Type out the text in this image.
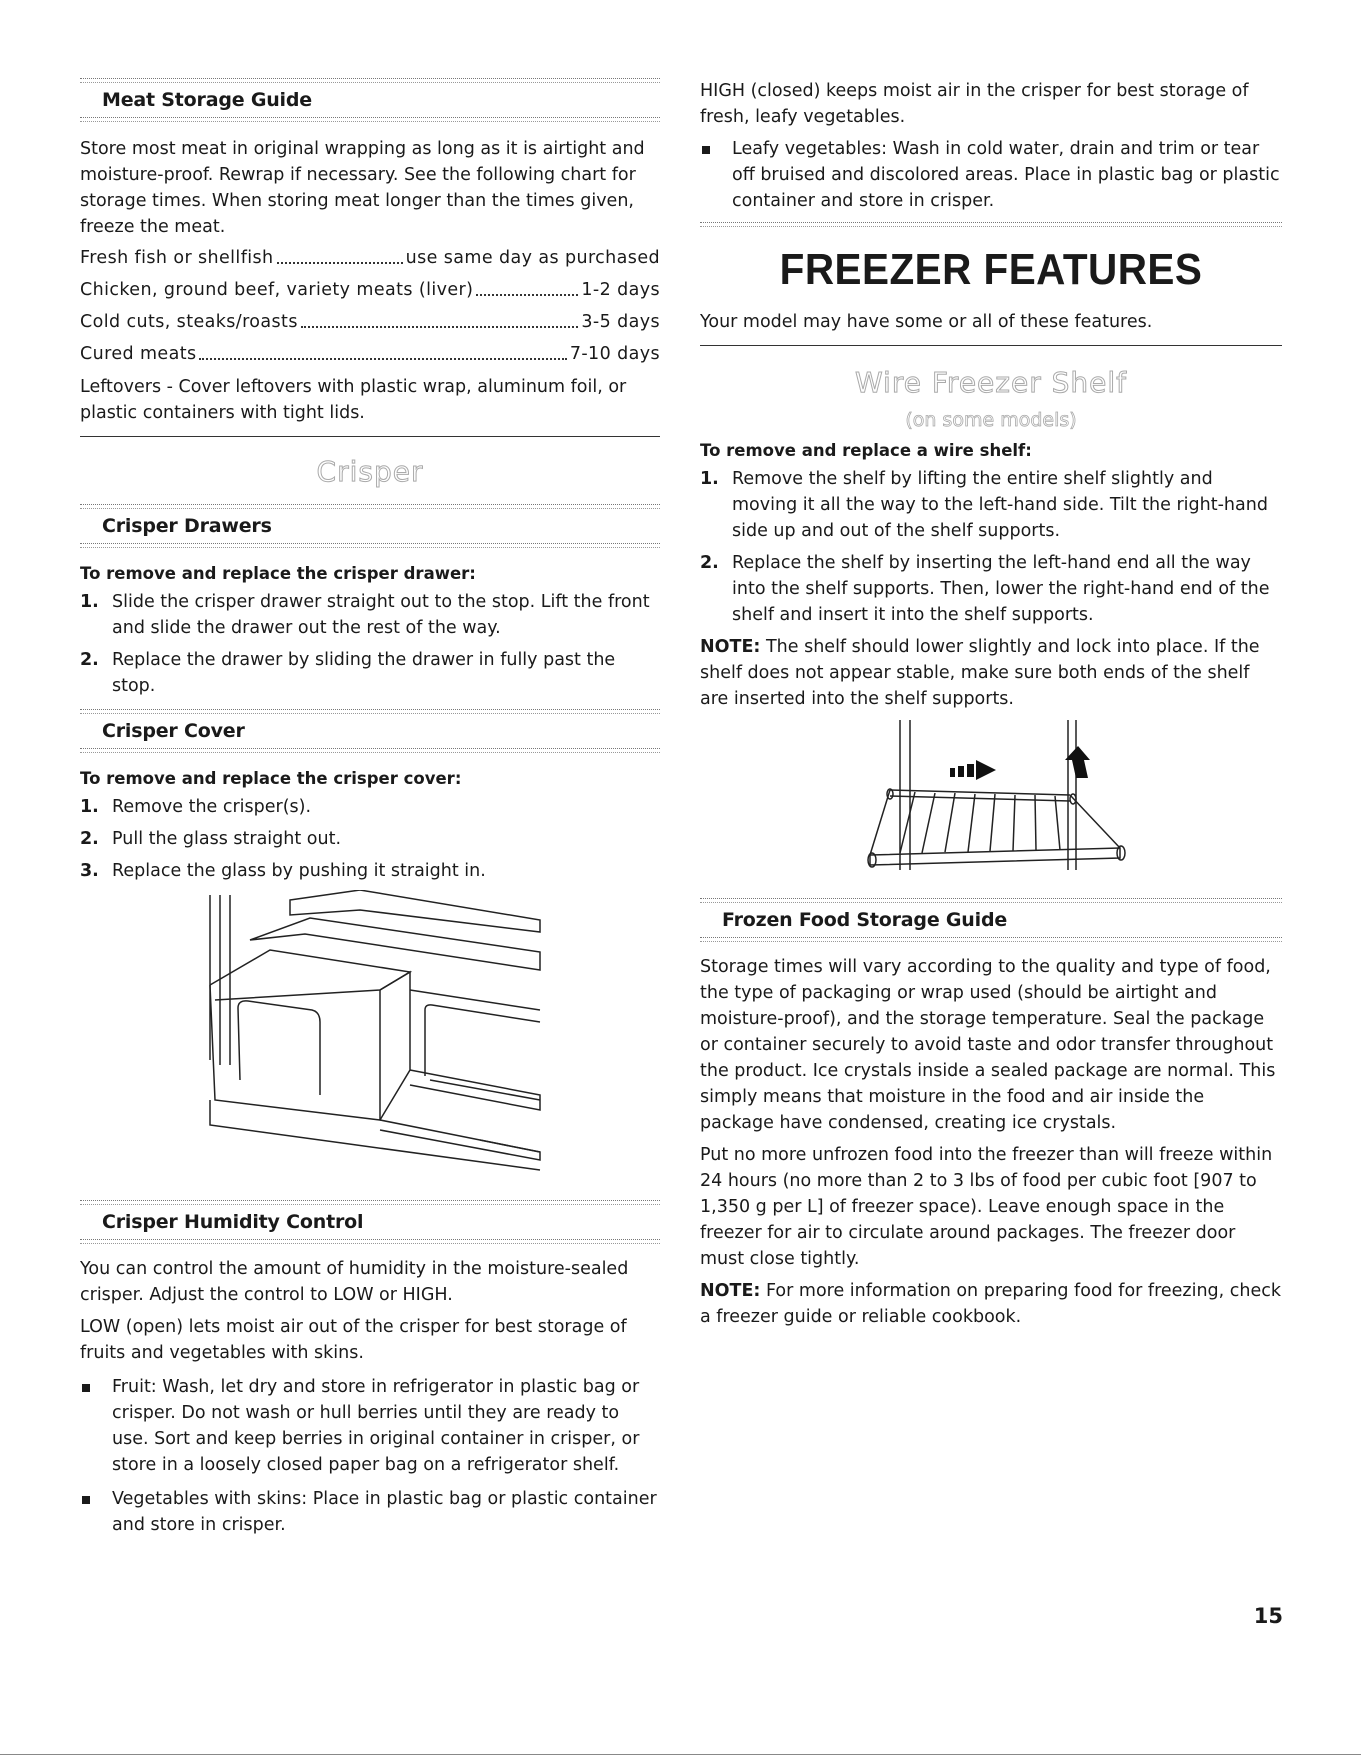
Meat Storage Guide

Store most meat in original wrapping as long as it is airtight and moisture-proof. Rewrap if necessary. See the following chart for storage times. When storing meat longer than the times given, freeze the meat.

Fresh fish or shellfish	use same day as purchased
Chicken, ground beef, variety meats (liver)	1-2 days
Cold cuts, steaks/roasts	3-5 days
Cured meats	7-10 days

Leftovers - Cover leftovers with plastic wrap, aluminum foil, or plastic containers with tight lids.

Crisper
Crisper Drawers
To remove and replace the crisper drawer:
1. Slide the crisper drawer straight out to the stop. Lift the front and slide the drawer out the rest of the way.
2. Replace the drawer by sliding the drawer in fully past the stop.
Crisper Cover
To remove and replace the crisper cover:
1. Remove the crisper(s).
2. Pull the glass straight out.
3. Replace the glass by pushing it straight in.
Crisper Humidity Control

You can control the amount of humidity in the moisture-sealed crisper. Adjust the control to LOW or HIGH.

LOW (open) lets moist air out of the crisper for best storage of fruits and vegetables with skins.

Fruit: Wash, let dry and store in refrigerator in plastic bag or crisper. Do not wash or hull berries until they are ready to use. Sort and keep berries in original container in crisper, or store in a loosely closed paper bag on a refrigerator shelf.
Vegetables with skins: Place in plastic bag or plastic container and store in crisper.

HIGH (closed) keeps moist air in the crisper for best storage of fresh, leafy vegetables.

Leafy vegetables: Wash in cold water, drain and trim or tear off bruised and discolored areas. Place in plastic bag or plastic container and store in crisper.
FREEZER FEATURES

Your model may have some or all of these features.

Wire Freezer Shelf
(on some models)
To remove and replace a wire shelf:
1. Remove the shelf by lifting the entire shelf slightly and moving it all the way to the left-hand side. Tilt the right-hand side up and out of the shelf supports.
2. Replace the shelf by inserting the left-hand end all the way into the shelf supports. Then, lower the right-hand end of the shelf and insert it into the shelf supports.

NOTE: The shelf should lower slightly and lock into place. If the shelf does not appear stable, make sure both ends of the shelf are inserted into the shelf supports.

Frozen Food Storage Guide

Storage times will vary according to the quality and type of food, the type of packaging or wrap used (should be airtight and moisture-proof), and the storage temperature. Seal the package or container securely to avoid taste and odor transfer throughout the product. Ice crystals inside a sealed package are normal. This simply means that moisture in the food and air inside the package have condensed, creating ice crystals.

Put no more unfrozen food into the freezer than will freeze within 24 hours (no more than 2 to 3 lbs of food per cubic foot [907 to 1,350 g per L] of freezer space). Leave enough space in the freezer for air to circulate around packages. The freezer door must close tightly.

NOTE: For more information on preparing food for freezing, check a freezer guide or reliable cookbook.

15
